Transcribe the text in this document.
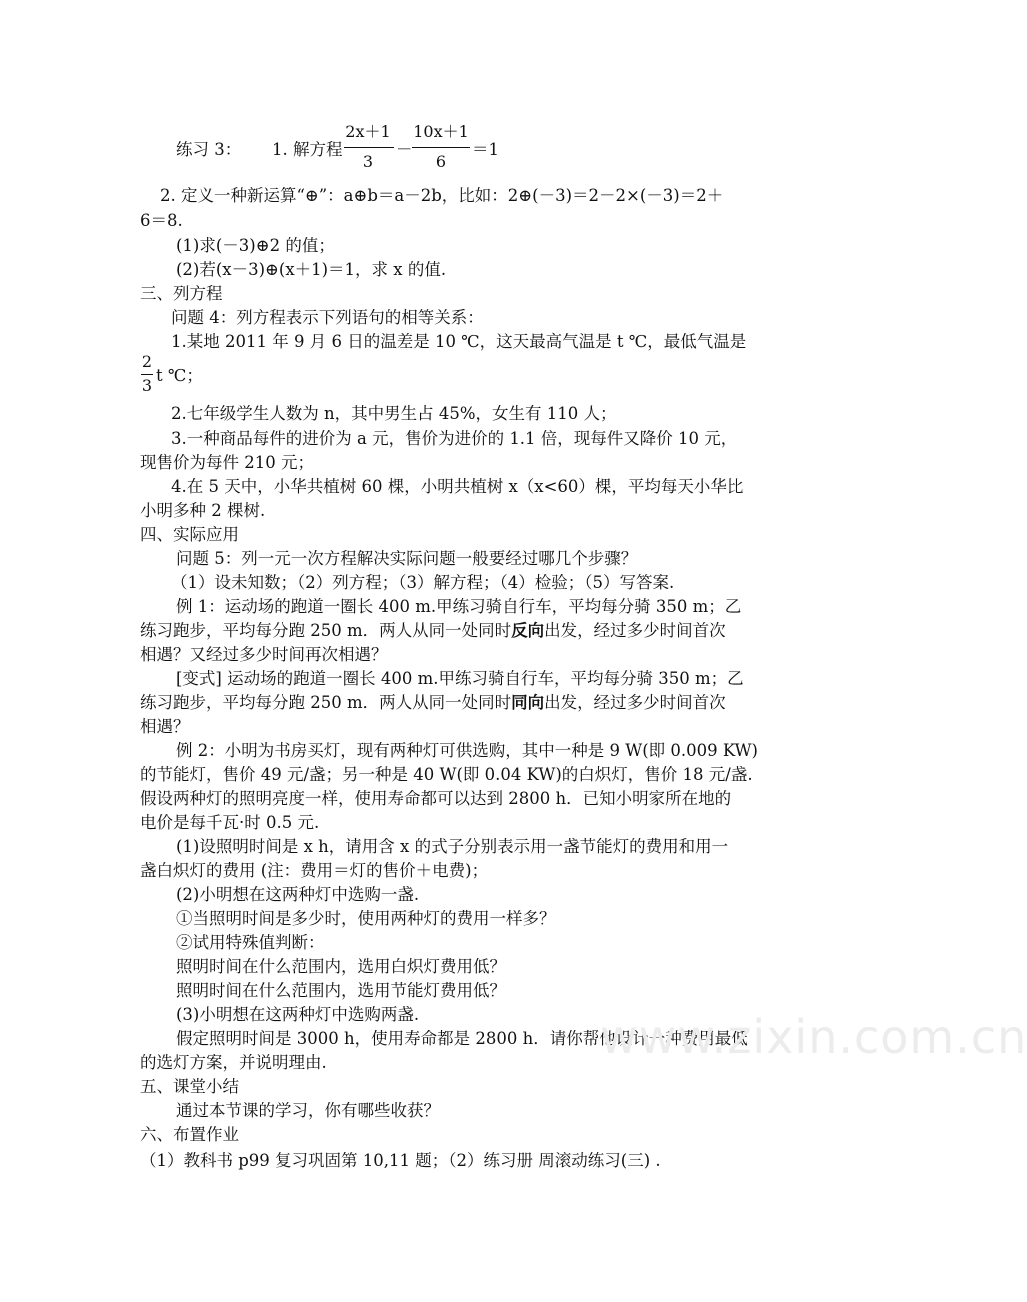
练习 3： 1. 解方程
2x＋1
3
－
10x＋1
6
＝1
2. 定义一种新运算“⊕”：a⊕b＝a－2b，比如：2⊕(－3)＝2－2×(－3)＝2＋
6＝8.
(1)求(－3)⊕2 的值；
(2)若(x－3)⊕(x＋1)＝1，求 x 的值.
三、列方程
问题 4：列方程表示下列语句的相等关系：
1.某地 2011 年 9 月 6 日的温差是 10 ℃，这天最高气温是 t ℃，最低气温是
2
3
t ℃；
2.七年级学生人数为 n，其中男生占 45%，女生有 110 人；
3.一种商品每件的进价为 a 元，售价为进价的 1.1 倍，现每件又降价 10 元，
现售价为每件 210 元；
4.在 5 天中，小华共植树 60 棵，小明共植树 x（x<60）棵，平均每天小华比
小明多种 2 棵树.
四、实际应用
问题 5：列一元一次方程解决实际问题一般要经过哪几个步骤？
（1）设未知数；（2）列方程；（3）解方程；（4）检验；（5）写答案.
例 1：运动场的跑道一圈长 400 m.甲练习骑自行车，平均每分骑 350 m；乙
练习跑步，平均每分跑 250 m．两人从同一处同时反向出发，经过多少时间首次
相遇？又经过多少时间再次相遇？
[变式] 运动场的跑道一圈长 400 m.甲练习骑自行车，平均每分骑 350 m；乙
练习跑步，平均每分跑 250 m．两人从同一处同时同向出发，经过多少时间首次
相遇？
例 2：小明为书房买灯，现有两种灯可供选购，其中一种是 9 W(即 0.009 KW)
的节能灯，售价 49 元/盏；另一种是 40 W(即 0.04 KW)的白炽灯，售价 18 元/盏.
假设两种灯的照明亮度一样，使用寿命都可以达到 2800 h．已知小明家所在地的
电价是每千瓦·时 0.5 元.
(1)设照明时间是 x h，请用含 x 的式子分别表示用一盏节能灯的费用和用一
盏白炽灯的费用 (注：费用＝灯的售价＋电费)；
(2)小明想在这两种灯中选购一盏.
①当照明时间是多少时，使用两种灯的费用一样多？
②试用特殊值判断：
照明时间在什么范围内，选用白炽灯费用低？
照明时间在什么范围内，选用节能灯费用低？
(3)小明想在这两种灯中选购两盏.
假定照明时间是 3000 h，使用寿命都是 2800 h．请你帮他设计一种费用最低
的选灯方案，并说明理由.
五、课堂小结
通过本节课的学习，你有哪些收获？
六、布置作业
（1）教科书 p99 复习巩固第 10,11 题；（2）练习册 周滚动练习(三) .
www.zixin.com.cn
